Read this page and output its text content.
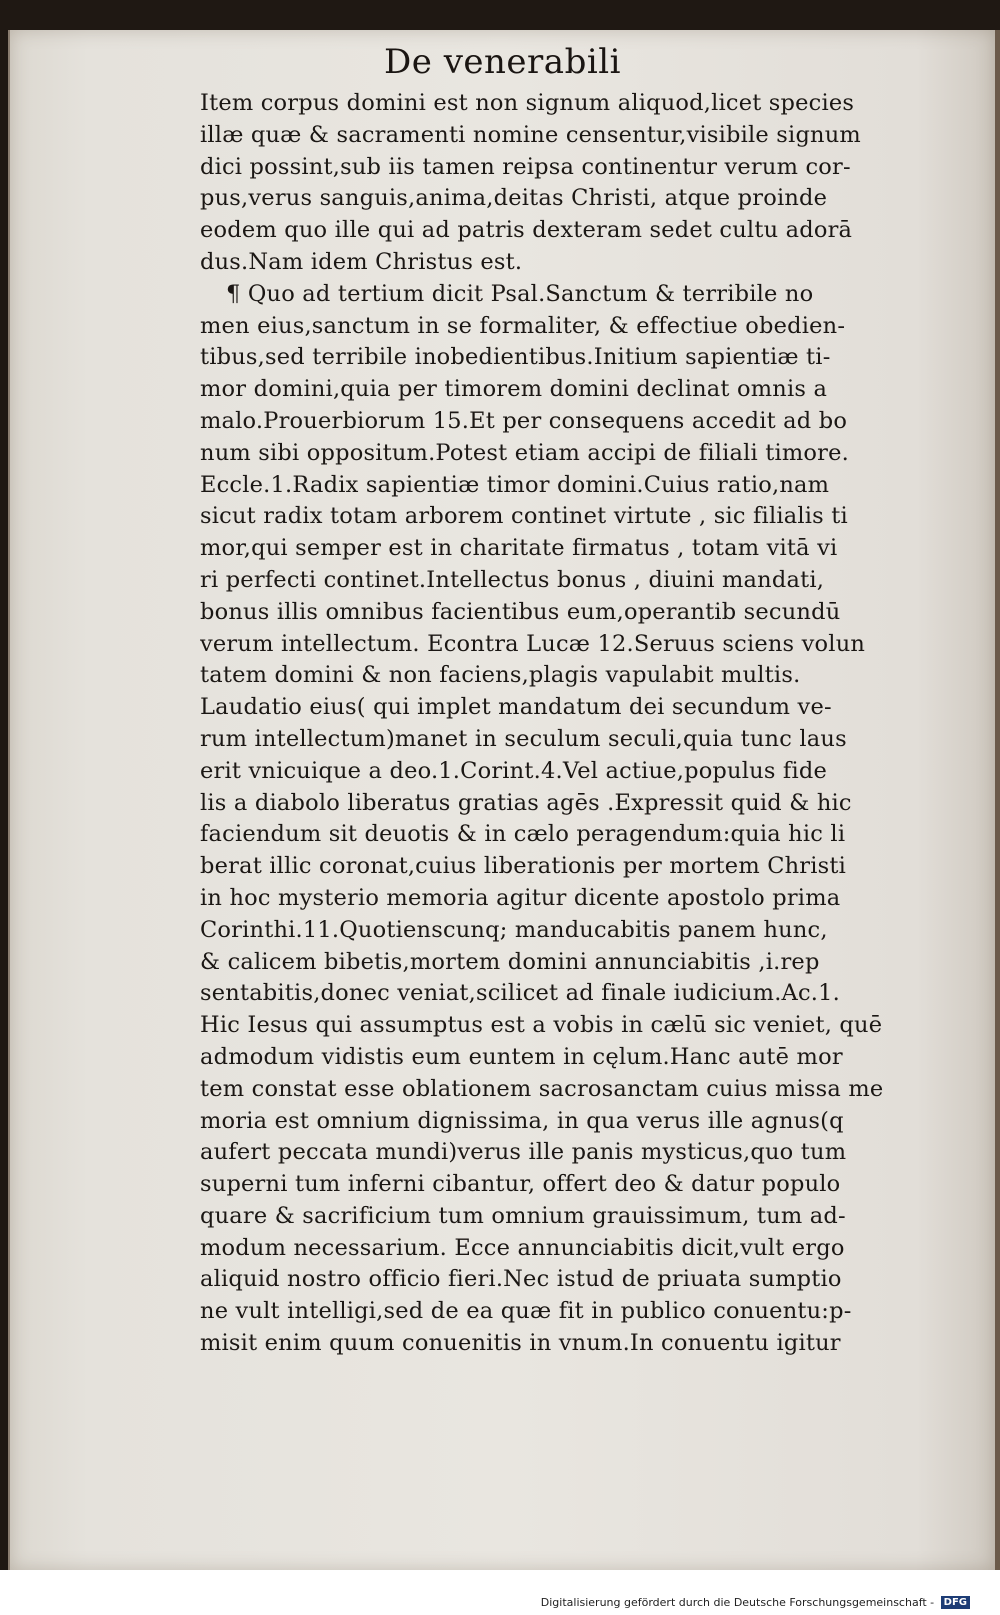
De venerabili
Item corpus domini est non signum aliquod,licet species
illæ quæ & sacramenti nomine censentur,visibile signum
dici possint,sub iis tamen reipsa continentur verum cor-
pus,verus sanguis,anima,deitas Christi, atque proinde
eodem quo ille qui ad patris dexteram sedet cultu adorā
dus.Nam idem Christus est.
¶ Quo ad tertium dicit Psal.Sanctum & terribile no
men eius,sanctum in se formaliter, & effectiue obedien-
tibus,sed terribile inobedientibus.Initium sapientiæ ti-
mor domini,quia per timorem domini declinat omnis a
malo.Prouerbiorum 15.Et per consequens accedit ad bo
num sibi oppositum.Potest etiam accipi de filiali timore.
Eccle.1.Radix sapientiæ timor domini.Cuius ratio,nam
sicut radix totam arborem continet virtute , sic filialis ti
mor,qui semper est in charitate firmatus , totam vitā vi
ri perfecti continet.Intellectus bonus , diuini mandati,
bonus illis omnibus facientibus eum,operantib secundū
verum intellectum. Econtra Lucæ 12.Seruus sciens volun
tatem domini & non faciens,plagis vapulabit multis.
Laudatio eius( qui implet mandatum dei secundum ve-
rum intellectum)manet in seculum seculi,quia tunc laus
erit vnicuique a deo.1.Corint.4.Vel actiue,populus fide
lis a diabolo liberatus gratias agēs .Expressit quid & hic
faciendum sit deuotis & in cælo peragendum:quia hic li
berat illic coronat,cuius liberationis per mortem Christi
in hoc mysterio memoria agitur dicente apostolo prima
Corinthi.11.Quotienscunq; manducabitis panem hunc,
& calicem bibetis,mortem domini annunciabitis ,i.rep
sentabitis,donec veniat,scilicet ad finale iudicium.Ac.1.
Hic Iesus qui assumptus est a vobis in cælū sic veniet, quē
admodum vidistis eum euntem in cęlum.Hanc autē mor
tem constat esse oblationem sacrosanctam cuius missa me
moria est omnium dignissima, in qua verus ille agnus(q
aufert peccata mundi)verus ille panis mysticus,quo tum
superni tum inferni cibantur, offert deo & datur populo
quare & sacrificium tum omnium grauissimum, tum ad-
modum necessarium. Ecce annunciabitis dicit,vult ergo
aliquid nostro officio fieri.Nec istud de priuata sumptio
ne vult intelligi,sed de ea quæ fit in publico conuentu:p-
misit enim quum conuenitis in vnum.In conuentu igitur
Digitalisierung gefördert durch die Deutsche Forschungsgemeinschaft - DFG
